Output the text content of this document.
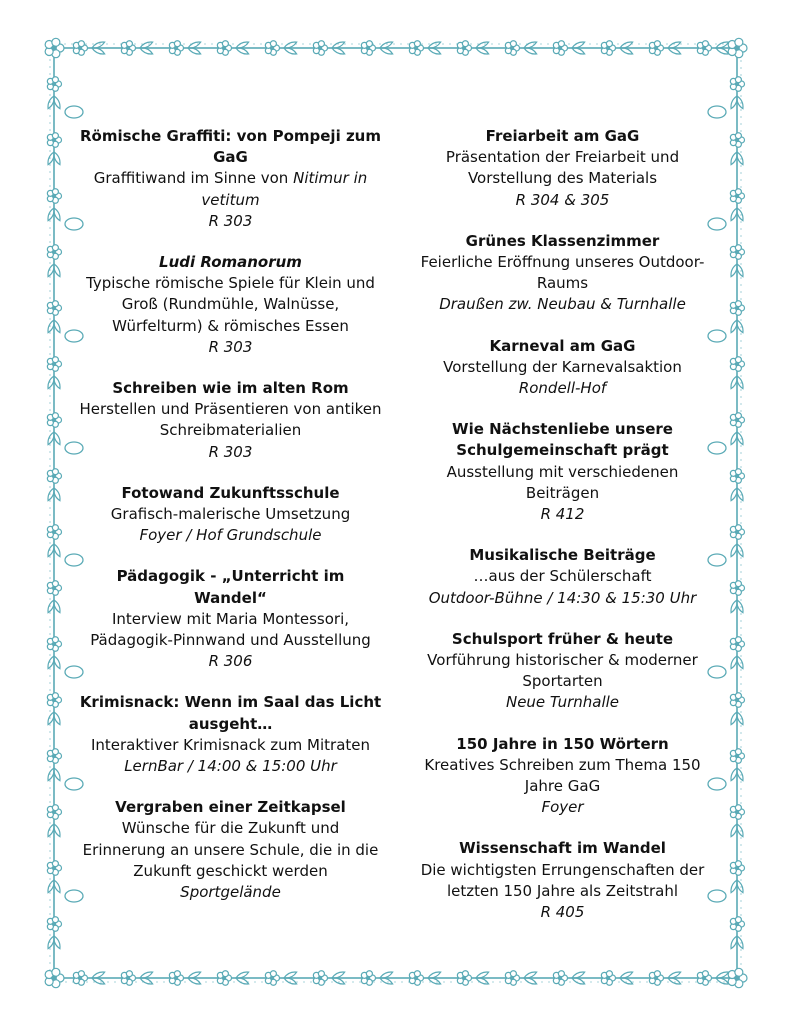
Römische Graffiti: von Pompeji zum GaG

Graffitiwand im Sinne von Nitimur in vetitum

R 303

Ludi Romanorum

Typische römische Spiele für Klein und Groß (Rundmühle, Walnüsse, Würfelturm) & römisches Essen

R 303

Schreiben wie im alten Rom

Herstellen und Präsentieren von antiken Schreibmaterialien

R 303

Fotowand Zukunftsschule

Grafisch-malerische Umsetzung

Foyer / Hof Grundschule

Pädagogik - „Unterricht im Wandel“

Interview mit Maria Montessori, Pädagogik-Pinnwand und Ausstellung

R 306

Krimisnack: Wenn im Saal das Licht ausgeht…

Interaktiver Krimisnack zum Mitraten

LernBar / 14:00 & 15:00 Uhr

Vergraben einer Zeitkapsel

Wünsche für die Zukunft und Erinnerung an unsere Schule, die in die Zukunft geschickt werden

Sportgelände

Freiarbeit am GaG

Präsentation der Freiarbeit und Vorstellung des Materials

R 304 & 305

Grünes Klassenzimmer

Feierliche Eröffnung unseres Outdoor-Raums

Draußen zw. Neubau & Turnhalle

Karneval am GaG

Vorstellung der Karnevalsaktion

Rondell-Hof

Wie Nächstenliebe unsere Schulgemeinschaft prägt

Ausstellung mit verschiedenen Beiträgen

R 412

Musikalische Beiträge

…aus der Schülerschaft

Outdoor-Bühne / 14:30 & 15:30 Uhr

Schulsport früher & heute

Vorführung historischer & moderner Sportarten

Neue Turnhalle

150 Jahre in 150 Wörtern

Kreatives Schreiben zum Thema 150 Jahre GaG

Foyer

Wissenschaft im Wandel

Die wichtigsten Errungenschaften der letzten 150 Jahre als Zeitstrahl

R 405
